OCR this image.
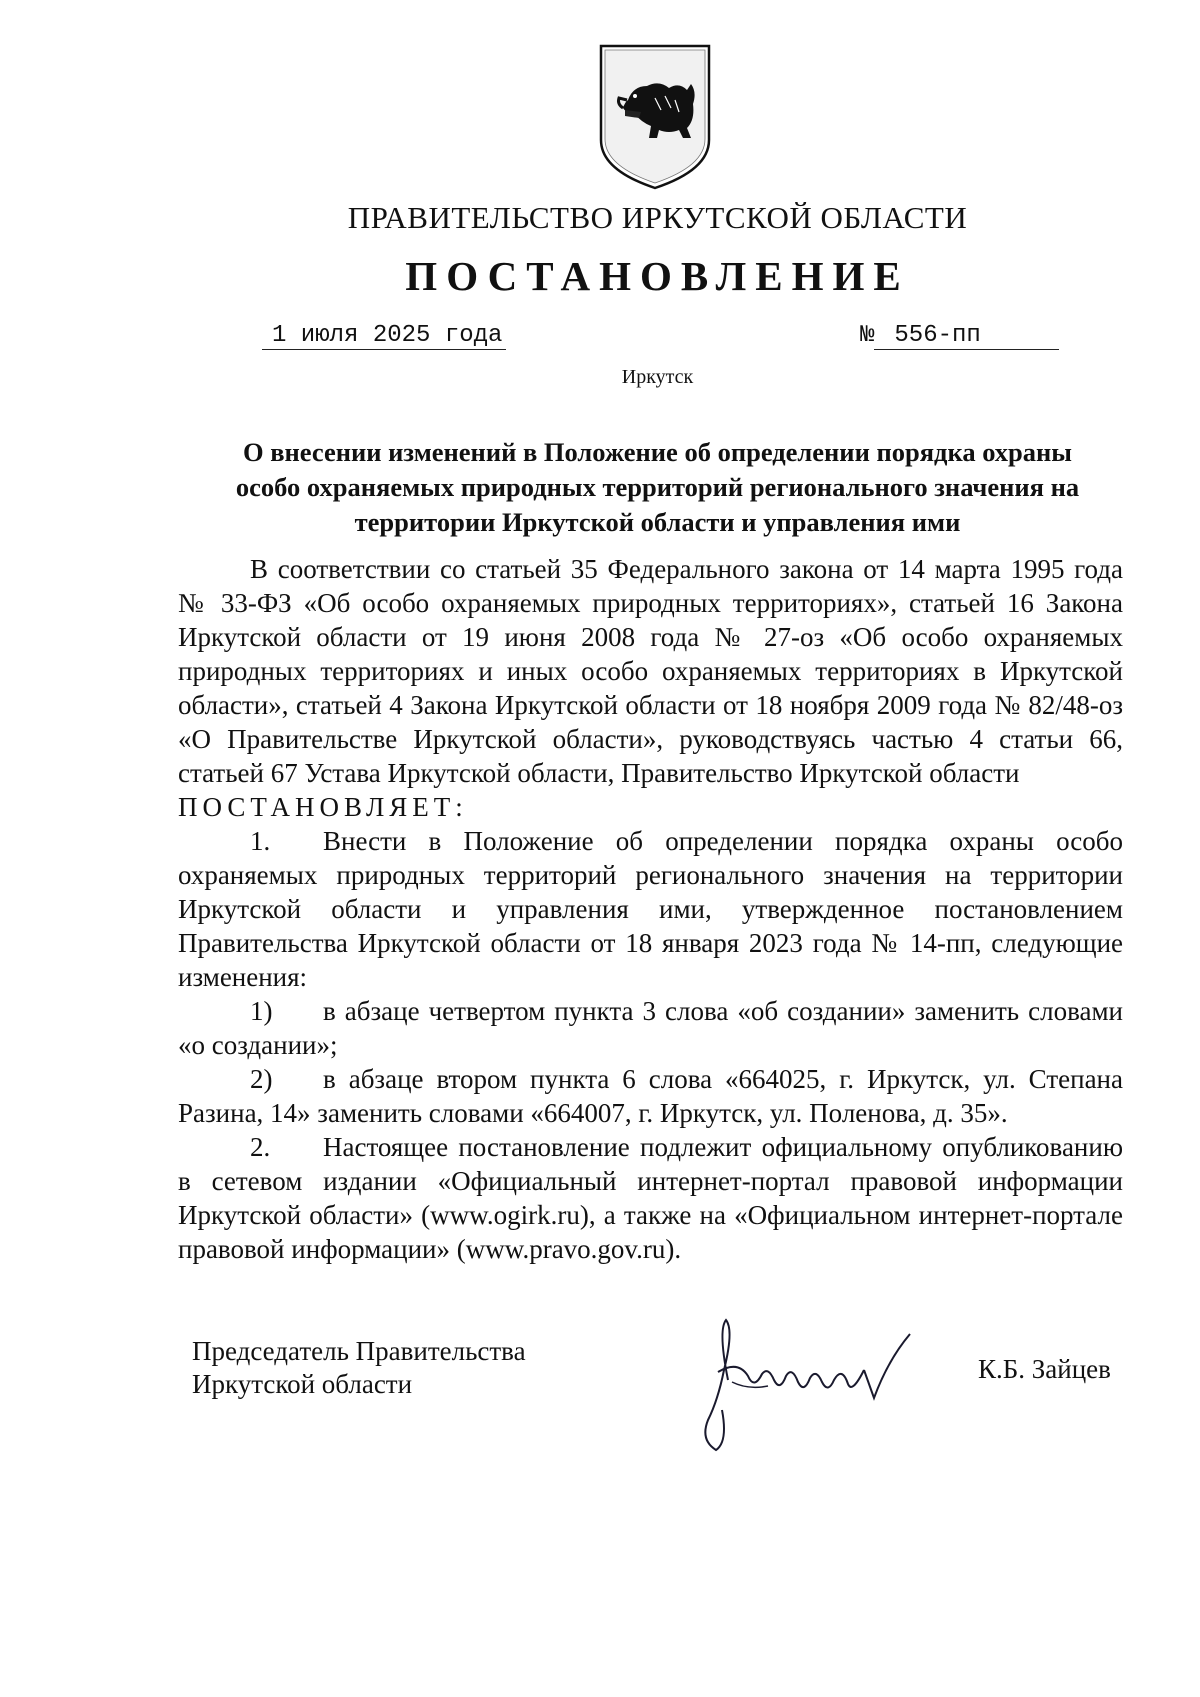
ПРАВИТЕЛЬСТВО ИРКУТСКОЙ ОБЛАСТИ
ПОСТАНОВЛЕНИЕ
1 июля 2025 года	№ 556-пп
Иркутск
О внесении изменений в Положение об определении порядка охраны
особо охраняемых природных территорий регионального значения на
территории Иркутской области и управления ими

В соответствии со статьей 35 Федерального закона от 14 марта 1995 года № 33-ФЗ «Об особо охраняемых природных территориях», статьей 16 Закона Иркутской области от 19 июня 2008 года № 27-оз «Об особо охраняемых природных территориях и иных особо охраняемых территориях в Иркутской области», статьей 4 Закона Иркутской области от 18 ноября 2009 года № 82/48-оз «О Правительстве Иркутской области», руководствуясь частью 4 статьи 66, статьей 67 Устава Иркутской области, Правительство Иркутской области

ПОСТАНОВЛЯЕТ:

1. Внести в Положение об определении порядка охраны особо охраняемых природных территорий регионального значения на территории Иркутской области и управления ими, утвержденное постановлением Правительства Иркутской области от 18 января 2023 года № 14-пп, следующие изменения:

1) в абзаце четвертом пункта 3 слова «об создании» заменить словами «о создании»;

2) в абзаце втором пункта 6 слова «664025, г. Иркутск, ул. Степана Разина, 14» заменить словами «664007, г. Иркутск, ул. Поленова, д. 35».

2. Настоящее постановление подлежит официальному опубликованию в сетевом издании «Официальный интернет-портал правовой информации Иркутской области» (www.ogirk.ru), а также на «Официальном интернет-портале правовой информации» (www.pravo.gov.ru).

Председатель Правительства
Иркутской области	К.Б. Зайцев
